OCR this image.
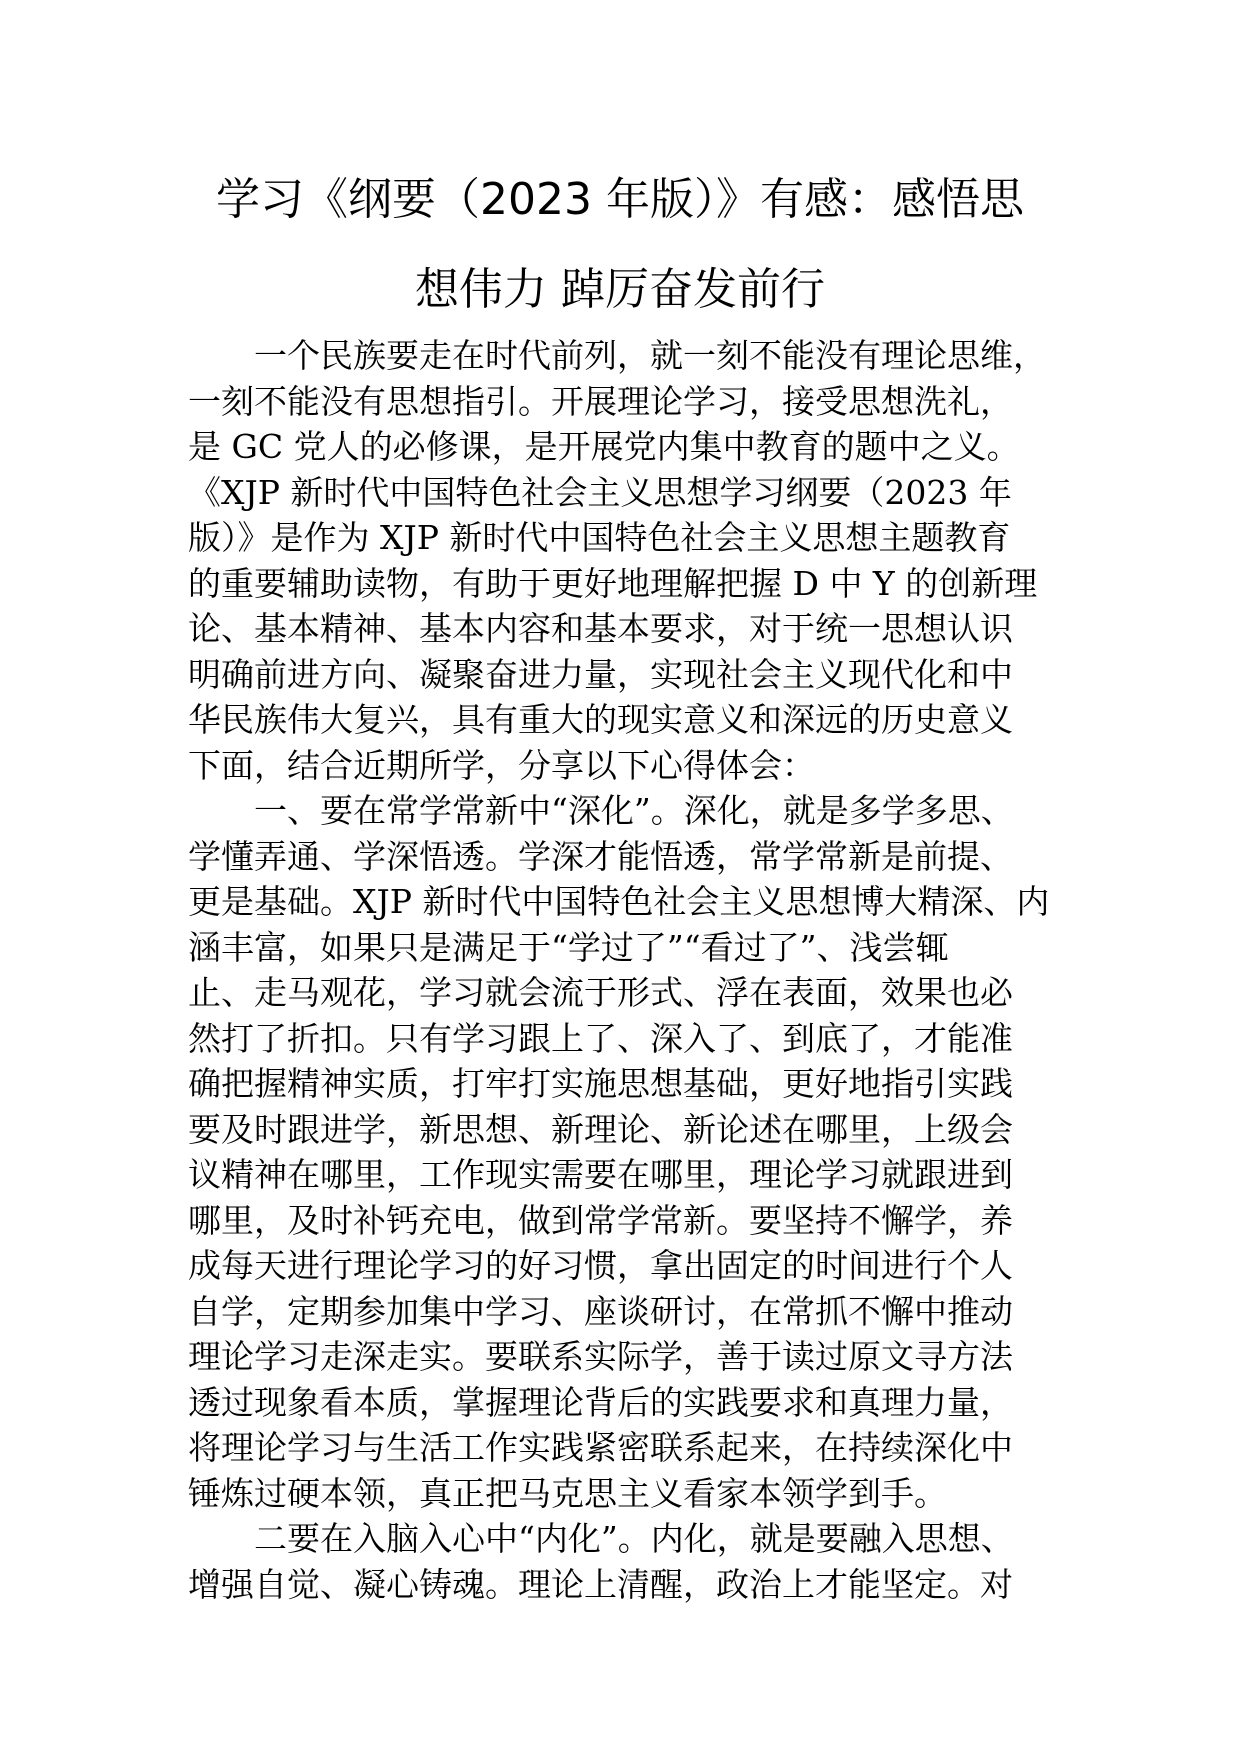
学习《纲要（2023 年版）》有感：感悟思
想伟力 踔厉奋发前行
　　一个民族要走在时代前列，就一刻不能没有理论思维，
一刻不能没有思想指引。开展理论学习，接受思想洗礼，
是 GC 党人的必修课，是开展党内集中教育的题中之义。
《XJP 新时代中国特色社会主义思想学习纲要（2023 年
版）》是作为 XJP 新时代中国特色社会主义思想主题教育
的重要辅助读物，有助于更好地理解把握 D 中 Y 的创新理
论、基本精神、基本内容和基本要求，对于统一思想认识
明确前进方向、凝聚奋进力量，实现社会主义现代化和中
华民族伟大复兴，具有重大的现实意义和深远的历史意义
下面，结合近期所学，分享以下心得体会：
　　一、要在常学常新中“深化”。深化，就是多学多思、
学懂弄通、学深悟透。学深才能悟透，常学常新是前提、
更是基础。XJP 新时代中国特色社会主义思想博大精深、内
涵丰富，如果只是满足于“学过了”“看过了”、浅尝辄
止、走马观花，学习就会流于形式、浮在表面，效果也必
然打了折扣。只有学习跟上了、深入了、到底了，才能准
确把握精神实质，打牢打实施思想基础，更好地指引实践
要及时跟进学，新思想、新理论、新论述在哪里，上级会
议精神在哪里，工作现实需要在哪里，理论学习就跟进到
哪里，及时补钙充电，做到常学常新。要坚持不懈学，养
成每天进行理论学习的好习惯，拿出固定的时间进行个人
自学，定期参加集中学习、座谈研讨，在常抓不懈中推动
理论学习走深走实。要联系实际学，善于读过原文寻方法
透过现象看本质，掌握理论背后的实践要求和真理力量，
将理论学习与生活工作实践紧密联系起来，在持续深化中
锤炼过硬本领，真正把马克思主义看家本领学到手。
　　二要在入脑入心中“内化”。内化，就是要融入思想、
增强自觉、凝心铸魂。理论上清醒，政治上才能坚定。对
